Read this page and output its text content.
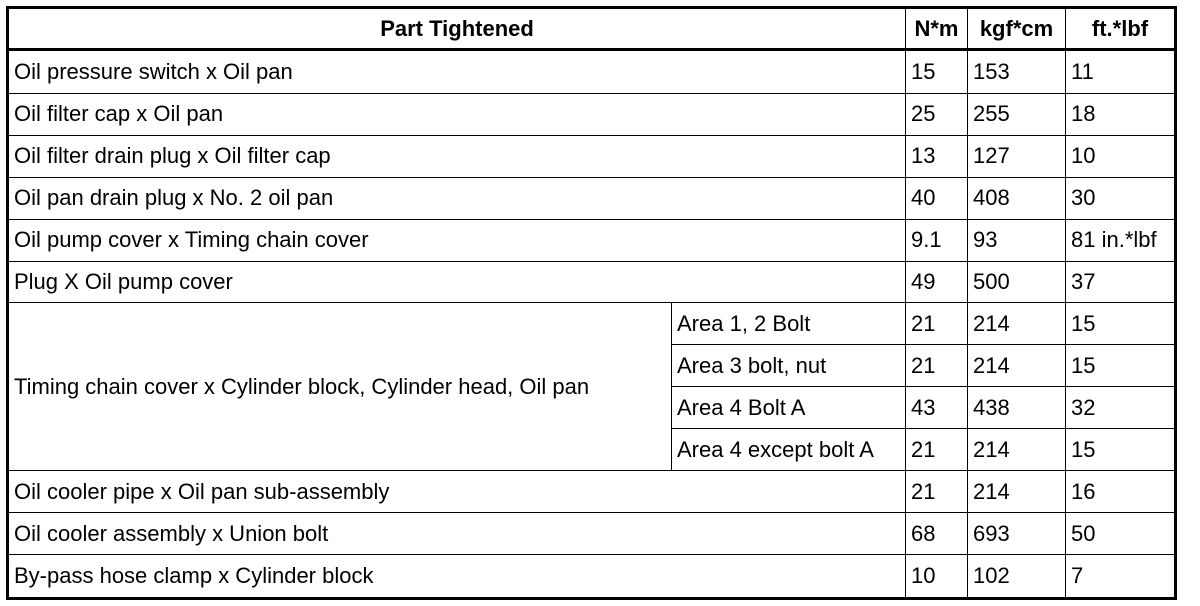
Part Tightened		N*m	kgf*cm	ft.*lbf
Oil pressure switch x Oil pan		15	153	11
Oil filter cap x Oil pan		25	255	18
Oil filter drain plug x Oil filter cap		13	127	10
Oil pan drain plug x No. 2 oil pan		40	408	30
Oil pump cover x Timing chain cover		9.1	93	81 in.*lbf
Plug X Oil pump cover		49	500	37
Timing chain cover x Cylinder block, Cylinder head, Oil pan	Area 1, 2 Bolt	21	214	15
	Area 3 bolt, nut	21	214	15
	Area 4 Bolt A	43	438	32
	Area 4 except bolt A	21	214	15
Oil cooler pipe x Oil pan sub-assembly		21	214	16
Oil cooler assembly x Union bolt		68	693	50
By-pass hose clamp x Cylinder block		10	102	7
